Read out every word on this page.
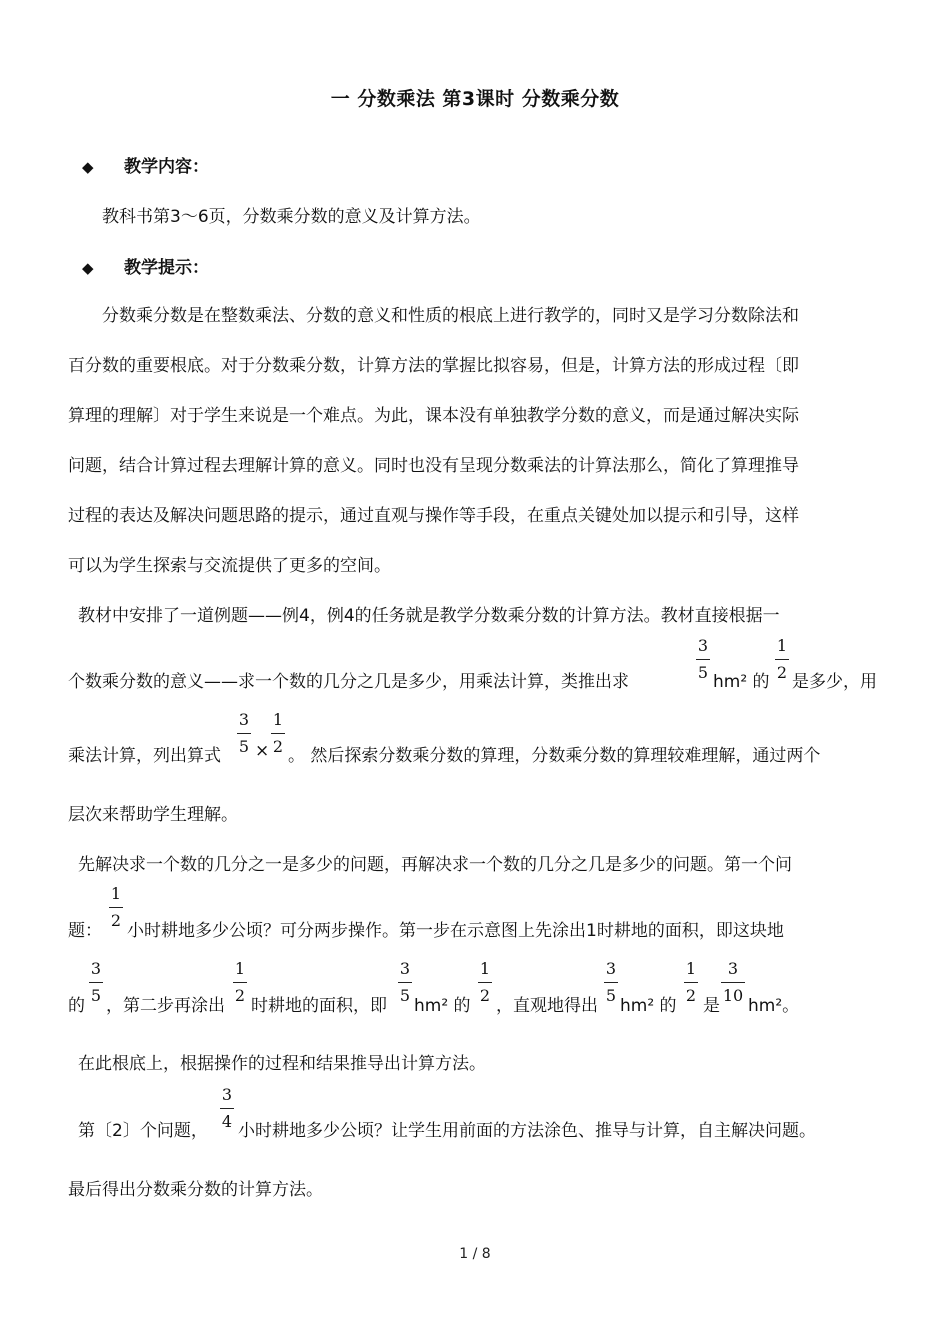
一 分数乘法 第3课时 分数乘分数
◆ 教学内容：
教科书第3～6页，分数乘分数的意义及计算方法。
◆ 教学提示：
分数乘分数是在整数乘法、分数的意义和性质的根底上进行教学的，同时又是学习分数除法和
百分数的重要根底。对于分数乘分数，计算方法的掌握比拟容易，但是，计算方法的形成过程〔即
算理的理解〕对于学生来说是一个难点。为此，课本没有单独教学分数的意义，而是通过解决实际
问题，结合计算过程去理解计算的意义。同时也没有呈现分数乘法的计算法那么，简化了算理推导
过程的表达及解决问题思路的提示，通过直观与操作等手段，在重点关键处加以提示和引导，这样
可以为学生探索与交流提供了更多的空间。
教材中安排了一道例题——例4，例4的任务就是教学分数乘分数的计算方法。教材直接根据一
个数乘分数的意义——求一个数的几分之几是多少，用乘法计算，类推出求
3
5 hm² 的
1
2 是多少，用
乘法计算，列出算式
3
5 ×
1
2 。 然后探索分数乘分数的算理，分数乘分数的算理较难理解，通过两个
层次来帮助学生理解。
先解决求一个数的几分之一是多少的问题，再解决求一个数的几分之几是多少的问题。第一个问
题：
1
2
小时耕地多少公顷？可分两步操作。第一步在示意图上先涂出1时耕地的面积，即这块地
的
3
5
，第二步再涂出
1
2
时耕地的面积，即
3
5
hm² 的
1
2
，直观地得出
3
5
hm² 的
1
2
是
3
10
hm²。
在此根底上，根据操作的过程和结果推导出计算方法。
第〔2〕个问题，
3
4 小时耕地多少公顷？让学生用前面的方法涂色、推导与计算，自主解决问题。
最后得出分数乘分数的计算方法。
1 / 8
